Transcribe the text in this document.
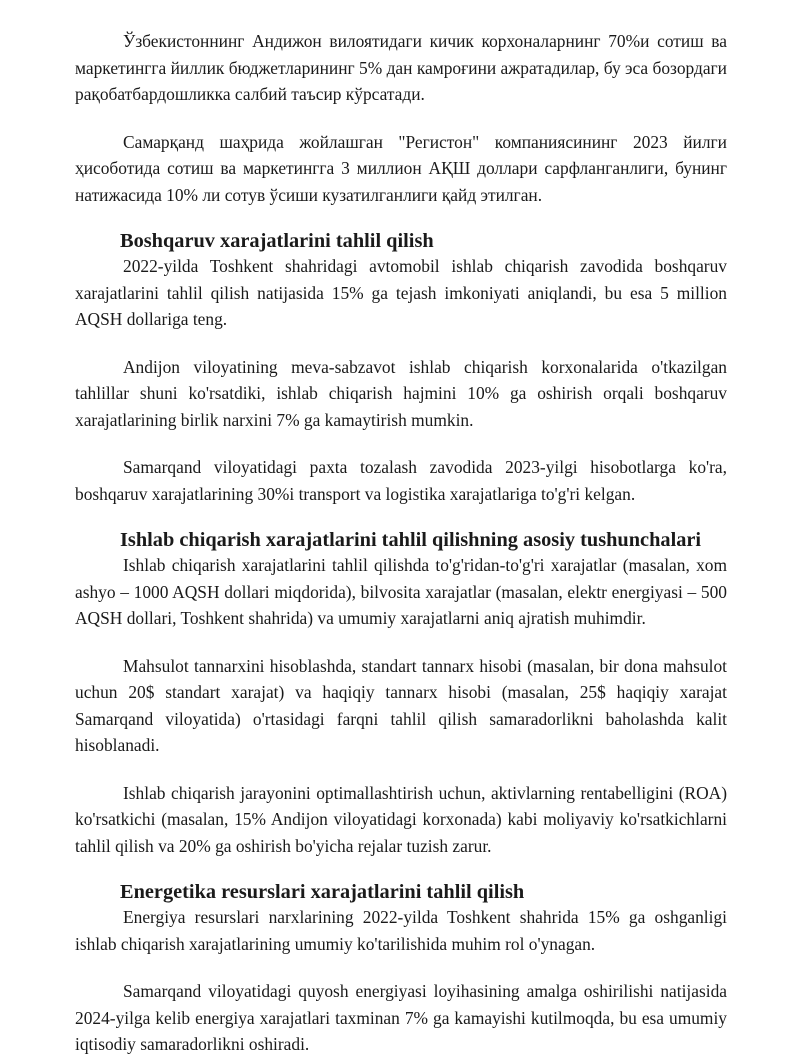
Ўзбекистоннинг Андижон вилоятидаги кичик корхоналарнинг 70%и сотиш ва маркетингга йиллик бюджетларининг 5% дан камроғини ажратадилар, бу эса бозордаги рақобатбардошликка салбий таъсир кўрсатади.

Самарқанд шаҳрида жойлашган "Регистон" компаниясининг 2023 йилги ҳисоботида сотиш ва маркетингга 3 миллион АҚШ доллари сарфланганлиги, бунинг натижасида 10% ли сотув ўсиши кузатилганлиги қайд этилган.

Boshqaruv xarajatlarini tahlil qilish

2022-yilda Toshkent shahridagi avtomobil ishlab chiqarish zavodida boshqaruv xarajatlarini tahlil qilish natijasida 15% ga tejash imkoniyati aniqlandi, bu esa 5 million AQSH dollariga teng.

Andijon viloyatining meva-sabzavot ishlab chiqarish korxonalarida o'tkazilgan tahlillar shuni ko'rsatdiki, ishlab chiqarish hajmini 10% ga oshirish orqali boshqaruv xarajatlarining birlik narxini 7% ga kamaytirish mumkin.

Samarqand viloyatidagi paxta tozalash zavodida 2023-yilgi hisobotlarga ko'ra, boshqaruv xarajatlarining 30%i transport va logistika xarajatlariga to'g'ri kelgan.

Ishlab chiqarish xarajatlarini tahlil qilishning asosiy tushunchalari

Ishlab chiqarish xarajatlarini tahlil qilishda to'g'ridan-to'g'ri xarajatlar (masalan, xom ashyo – 1000 AQSH dollari miqdorida), bilvosita xarajatlar (masalan, elektr energiyasi – 500 AQSH dollari, Toshkent shahrida) va umumiy xarajatlarni aniq ajratish muhimdir.

Mahsulot tannarxini hisoblashda, standart tannarx hisobi (masalan, bir dona mahsulot uchun 20$ standart xarajat) va haqiqiy tannarx hisobi (masalan, 25$ haqiqiy xarajat Samarqand viloyatida) o'rtasidagi farqni tahlil qilish samaradorlikni baholashda kalit hisoblanadi.

Ishlab chiqarish jarayonini optimallashtirish uchun, aktivlarning rentabelligini (ROA) ko'rsatkichi (masalan, 15% Andijon viloyatidagi korxonada) kabi moliyaviy ko'rsatkichlarni tahlil qilish va 20% ga oshirish bo'yicha rejalar tuzish zarur.

Energetika resurslari xarajatlarini tahlil qilish

Energiya resurslari narxlarining 2022-yilda Toshkent shahrida 15% ga oshganligi ishlab chiqarish xarajatlarining umumiy ko'tarilishida muhim rol o'ynagan.

Samarqand viloyatidagi quyosh energiyasi loyihasining amalga oshirilishi natijasida 2024-yilga kelib energiya xarajatlari taxminan 7% ga kamayishi kutilmoqda, bu esa umumiy iqtisodiy samaradorlikni oshiradi.
